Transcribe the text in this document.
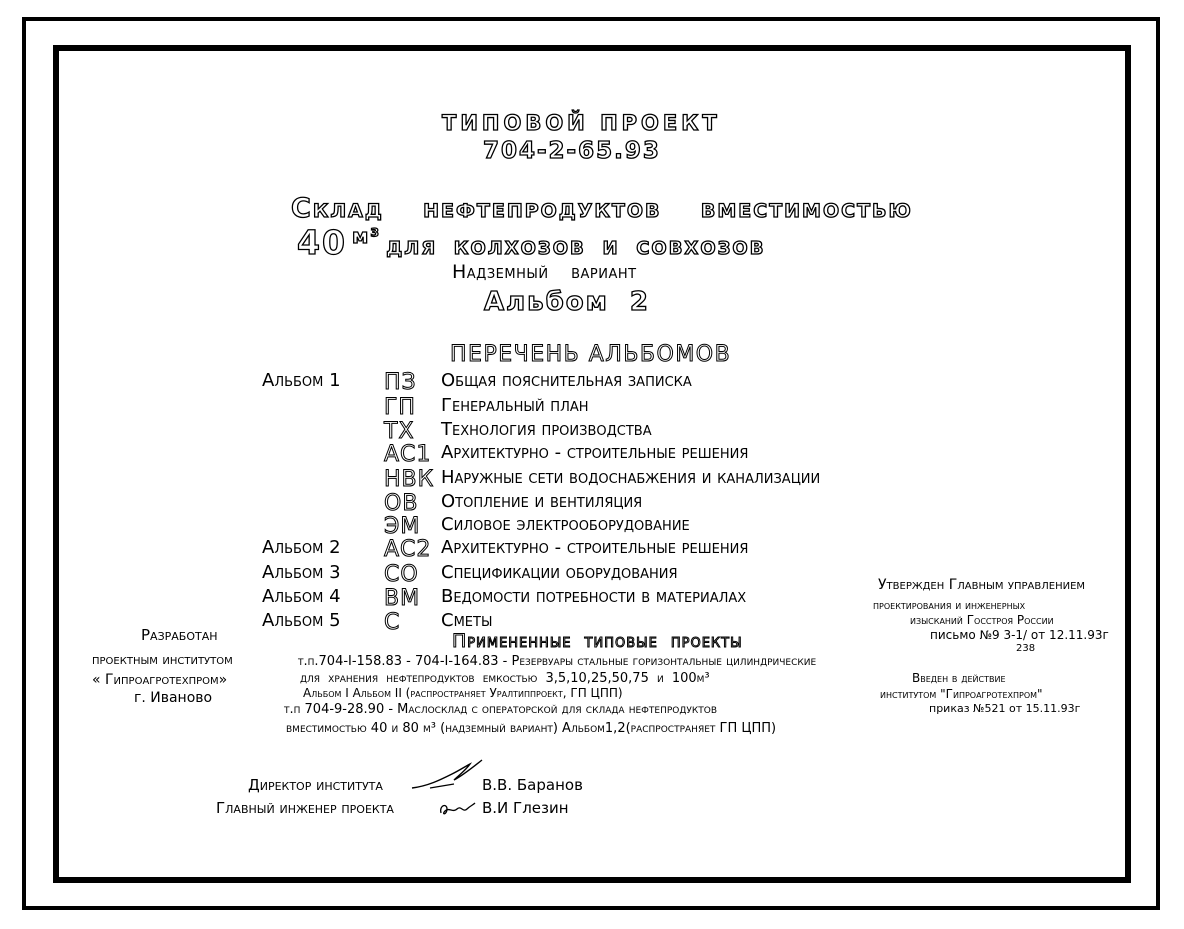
ТИПОВОЙ ПРОЕКТ
704-2-65.93
Склад нефтепродуктов вместимостью
40 м³ для колхозов и совхозов
Надземный вариант
Альбом 2
ПЕРЕЧЕНЬ АЛЬБОМОВ
Альбом 1 ПЗ Общая пояснительная записка
ГП Генеральный план
ТХ Технология производства
АС1 Архитектурно - строительные решения
НВК Наружные сети водоснабжения и канализации
ОВ Отопление и вентиляция
ЭМ Силовое электрооборудование
Альбом 2 АС2 Архитектурно - строительные решения
Альбом 3 СО Спецификации оборудования
Альбом 4 ВМ Ведомости потребности в материалах
Альбом 5 С Сметы
Утвержден Главным управлением
проектирования и инженерных
изысканий Госстроя России
письмо №9 3-1/ от 12.11.93г
238
Разработан
проектным институтом
« Гипроагротехпром»
г. Иваново
Примененные типовые проекты
т.п.704-I-158.83 - 704-I-164.83 - Резервуары стальные горизонтальные цилиндрические
для хранения нефтепродуктов емкостью 3,5,10,25,50,75 и 100м³
Альбом I Альбом II (распространяет Уралтиппроект, ГП ЦПП)
т.п 704-9-28.90 - Маслосклад с операторской для склада нефтепродуктов
вместимостью 40 и 80 м³ (надземный вариант) Альбом1,2(распространяет ГП ЦПП)
Введен в действие
институтом "Гипроагротехпром"
приказ №521 от 15.11.93г
Директор института	В.В. Баранов
Главный инженер проекта	В.И Глезин
